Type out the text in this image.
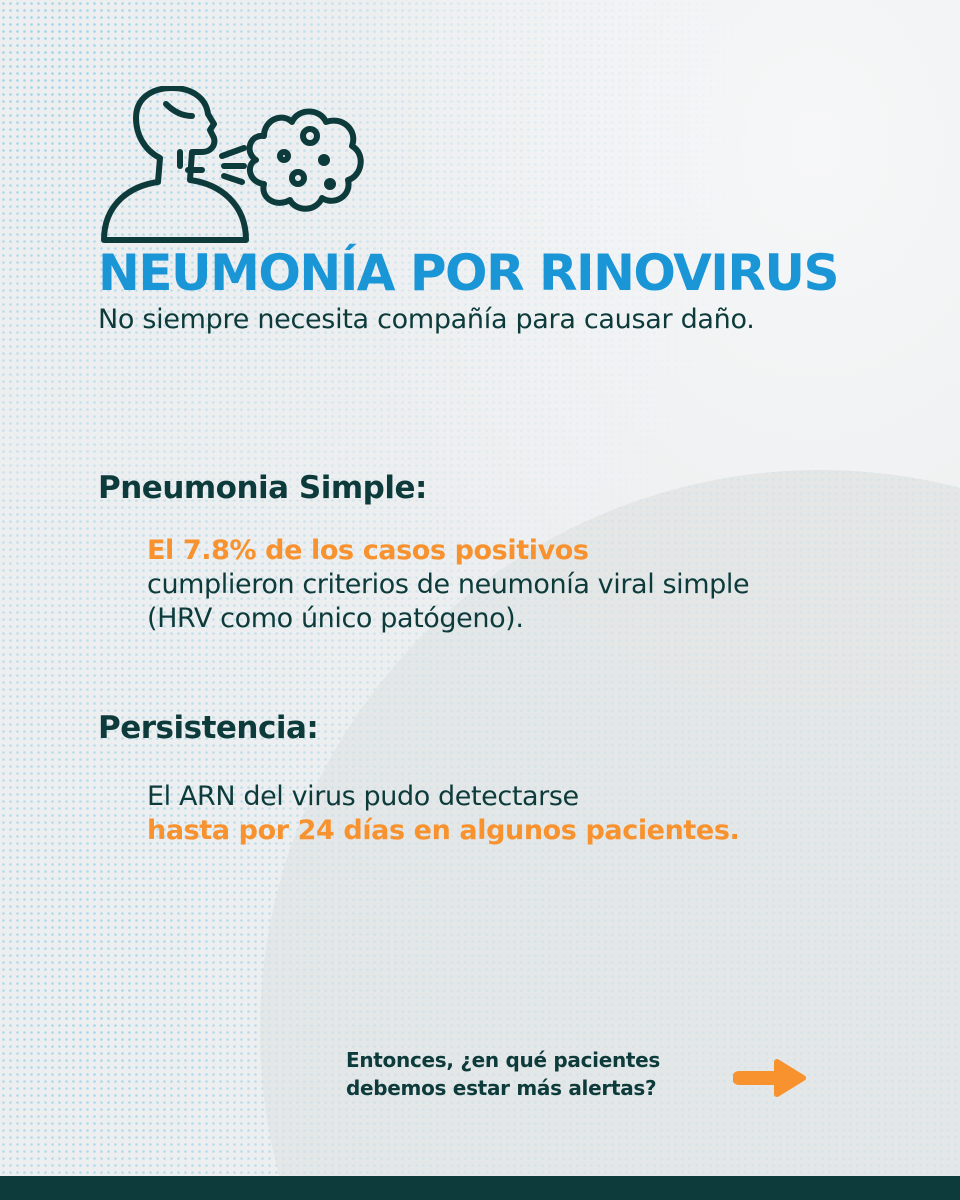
NEUMONÍA POR RINOVIRUS

No siempre necesita compañía para causar daño.

Pneumonia Simple:

El 7.8% de los casos positivos
cumplieron criterios de neumonía viral simple
(HRV como único patógeno).

Persistencia:

El ARN del virus pudo detectarse
hasta por 24 días en algunos pacientes.

Entonces, ¿en qué pacientes
debemos estar más alertas?
